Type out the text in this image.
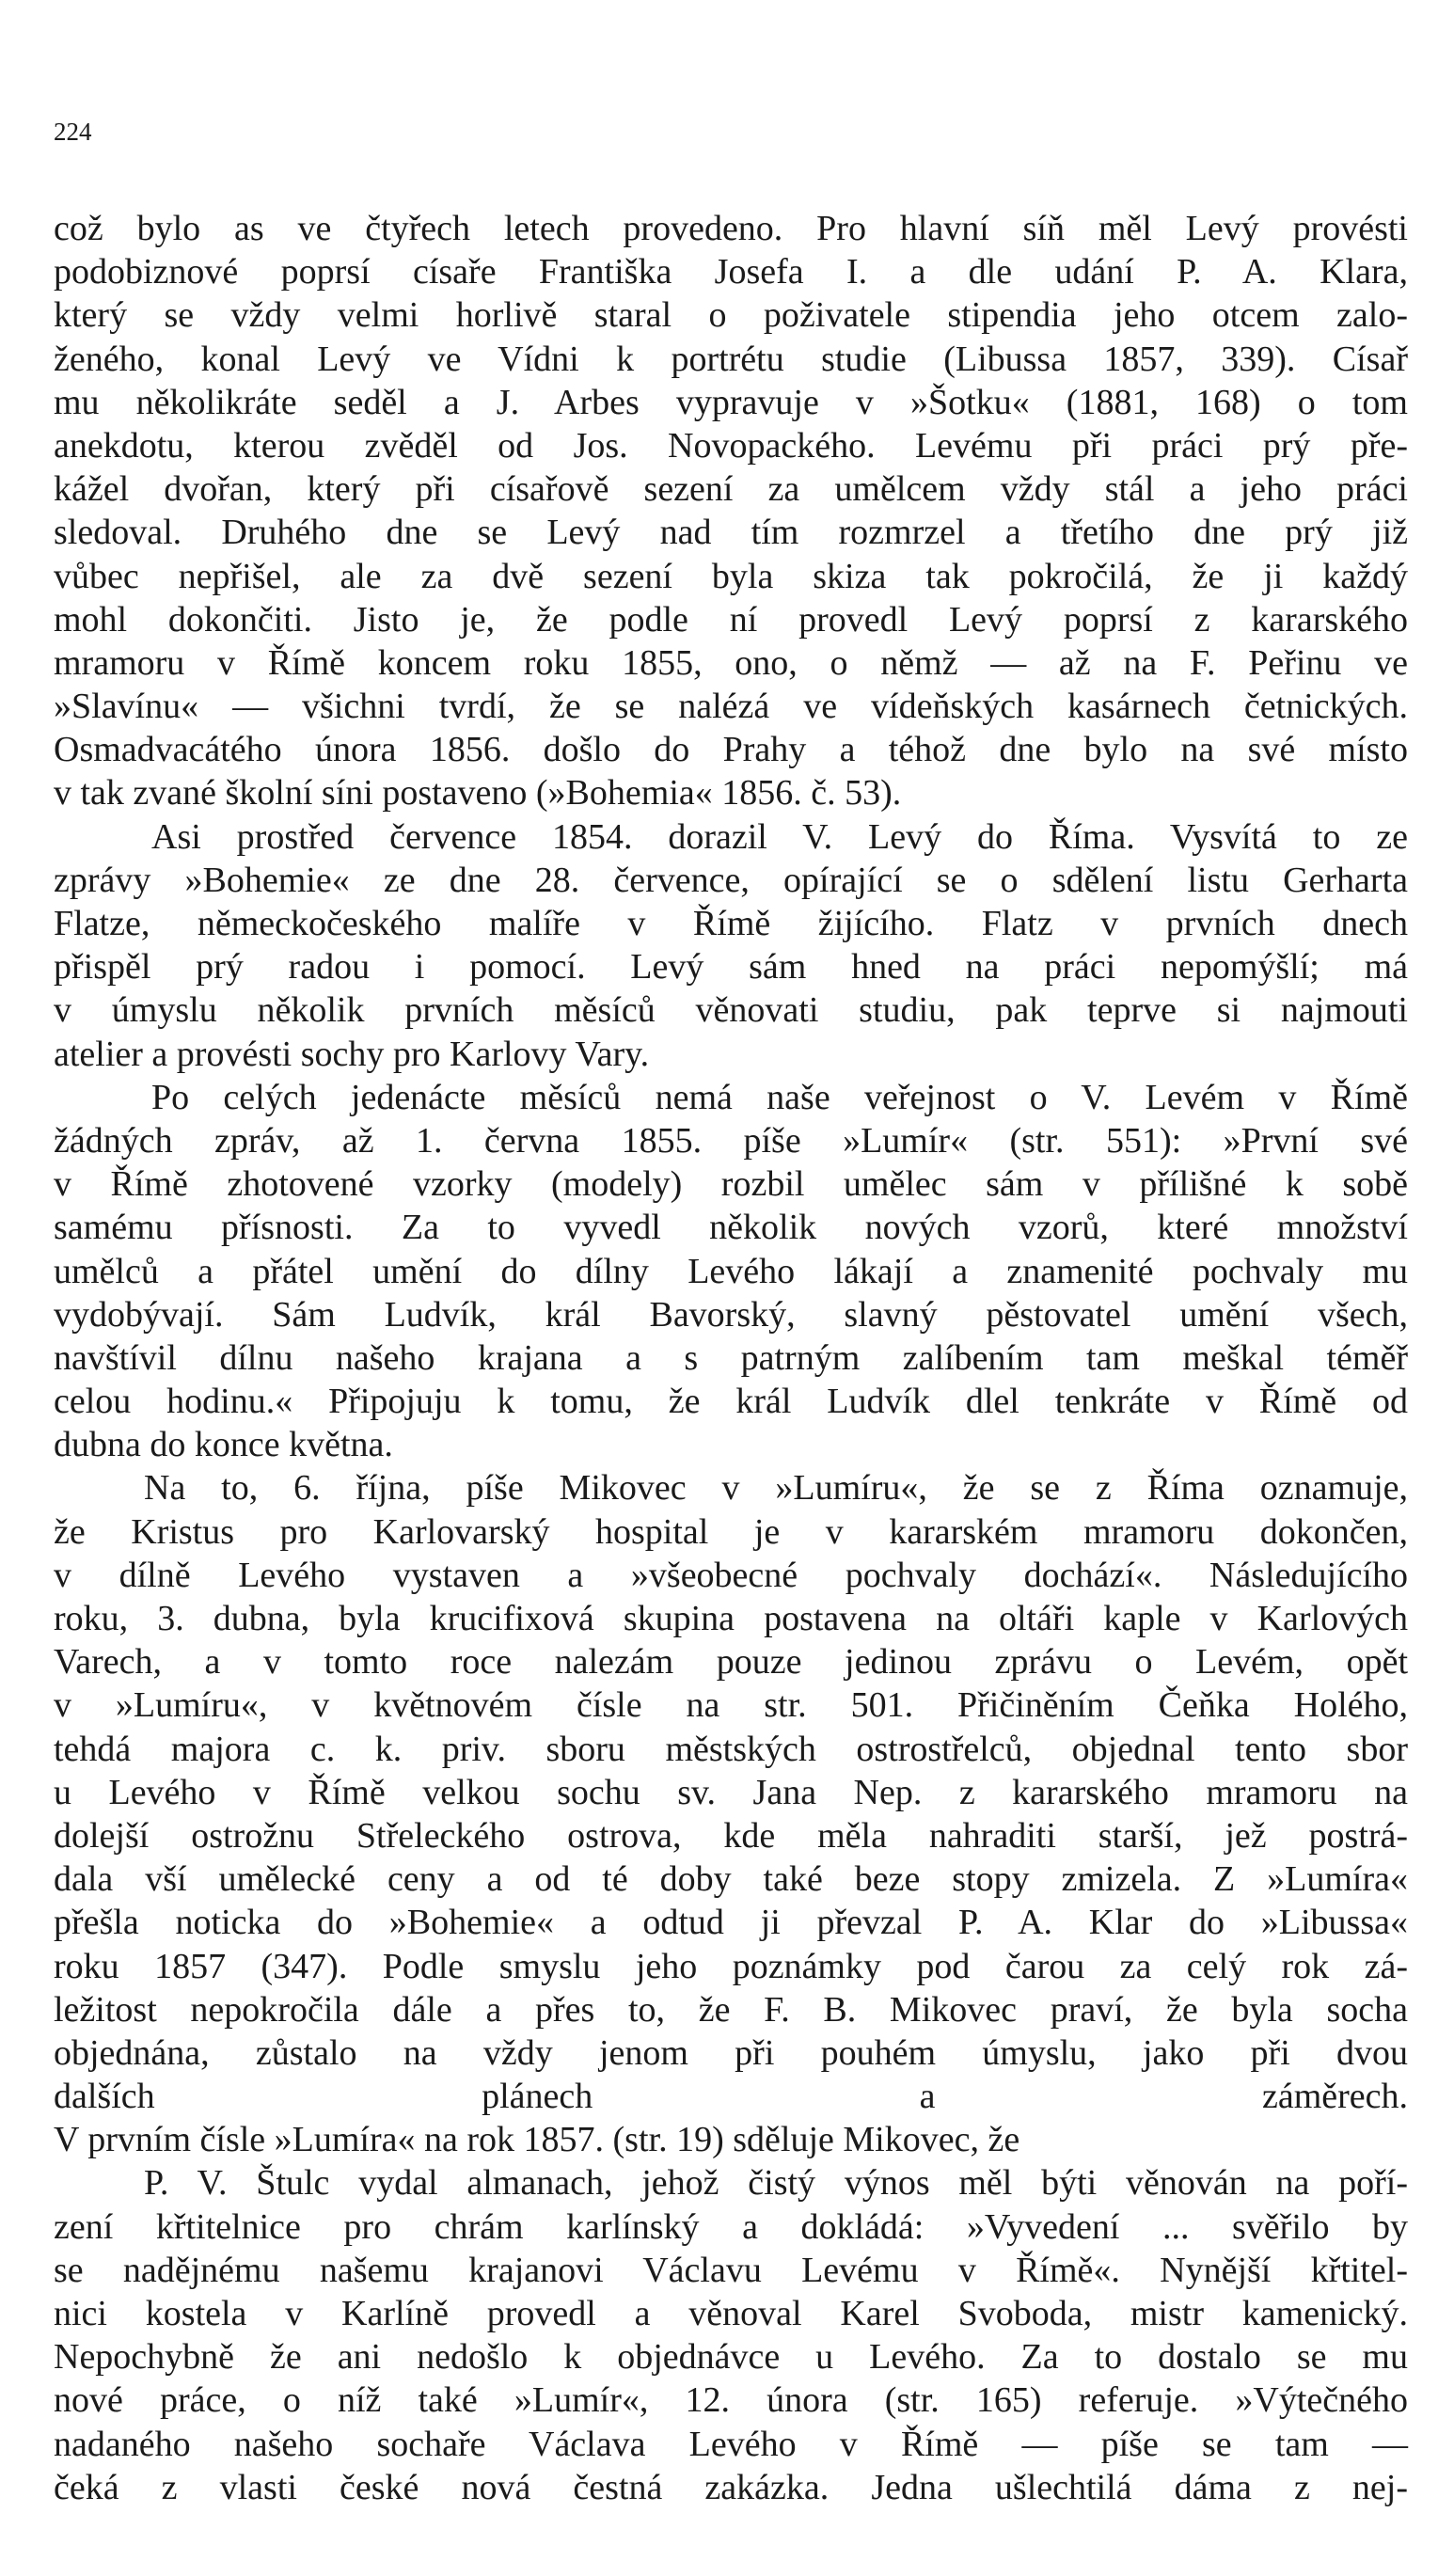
224
což bylo as ve čtyřech letech provedeno. Pro hlavní síň měl Levý provésti
podobiznové poprsí císaře Františka Josefa I. a dle udání P. A. Klara,
který se vždy velmi horlivě staral o poživatele stipendia jeho otcem zalo-
ženého, konal Levý ve Vídni k portrétu studie (Libussa 1857, 339). Císař
mu několikráte seděl a J. Arbes vypravuje v »Šotku« (1881, 168) o tom
anekdotu, kterou zvěděl od Jos. Novopackého. Levému při práci prý pře-
kážel dvořan, který při císařově sezení za umělcem vždy stál a jeho práci
sledoval. Druhého dne se Levý nad tím rozmrzel a třetího dne prý již
vůbec nepřišel, ale za dvě sezení byla skiza tak pokročilá, že ji každý
mohl dokončiti. Jisto je, že podle ní provedl Levý poprsí z kararského
mramoru v Římě koncem roku 1855, ono, o němž — až na F. Peřinu ve
»Slavínu« — všichni tvrdí, že se nalézá ve vídeňských kasárnech četnických.
Osmadvacátého února 1856. došlo do Prahy a téhož dne bylo na své místo
v tak zvané školní síni postaveno (»Bohemia« 1856. č. 53).
Asi prostřed července 1854. dorazil V. Levý do Říma. Vysvítá to ze
zprávy »Bohemie« ze dne 28. července, opírající se o sdělení listu Gerharta
Flatze, německočeského malíře v Římě žijícího. Flatz v prvních dnech
přispěl prý radou i pomocí. Levý sám hned na práci nepomýšlí; má
v úmyslu několik prvních měsíců věnovati studiu, pak teprve si najmouti
atelier a provésti sochy pro Karlovy Vary.
Po celých jedenácte měsíců nemá naše veřejnost o V. Levém v Římě
žádných zpráv, až 1. června 1855. píše »Lumír« (str. 551): »První své
v Římě zhotovené vzorky (modely) rozbil umělec sám v přílišné k sobě
samému přísnosti. Za to vyvedl několik nových vzorů, které množství
umělců a přátel umění do dílny Levého lákají a znamenité pochvaly mu
vydobývají. Sám Ludvík, král Bavorský, slavný pěstovatel umění všech,
navštívil dílnu našeho krajana a s patrným zalíbením tam meškal téměř
celou hodinu.« Připojuju k tomu, že král Ludvík dlel tenkráte v Římě od
dubna do konce května.
Na to, 6. října, píše Mikovec v »Lumíru«, že se z Říma oznamuje,
že Kristus pro Karlovarský hospital je v kararském mramoru dokončen,
v dílně Levého vystaven a »všeobecné pochvaly dochází«. Následujícího
roku, 3. dubna, byla krucifixová skupina postavena na oltáři kaple v Karlových
Varech, a v tomto roce nalezám pouze jedinou zprávu o Levém, opět
v »Lumíru«, v květnovém čísle na str. 501. Přičiněním Čeňka Holého,
tehdá majora c. k. priv. sboru městských ostrostřelců, objednal tento sbor
u Levého v Římě velkou sochu sv. Jana Nep. z kararského mramoru na
dolejší ostrožnu Střeleckého ostrova, kde měla nahraditi starší, jež postrá-
dala vší umělecké ceny a od té doby také beze stopy zmizela. Z »Lumíra«
přešla noticka do »Bohemie« a odtud ji převzal P. A. Klar do »Libussa«
roku 1857 (347). Podle smyslu jeho poznámky pod čarou za celý rok zá-
ležitost nepokročila dále a přes to, že F. B. Mikovec praví, že byla socha
objednána, zůstalo na vždy jenom při pouhém úmyslu, jako při dvou
dalších plánech a záměrech.
V prvním čísle »Lumíra« na rok 1857. (str. 19) sděluje Mikovec, že
P. V. Štulc vydal almanach, jehož čistý výnos měl býti věnován na poří-
zení křtitelnice pro chrám karlínský a dokládá: »Vyvedení ... svěřilo by
se nadějnému našemu krajanovi Václavu Levému v Římě«. Nynější křtitel-
nici kostela v Karlíně provedl a věnoval Karel Svoboda, mistr kamenický.
Nepochybně že ani nedošlo k objednávce u Levého. Za to dostalo se mu
nové práce, o níž také »Lumír«, 12. února (str. 165) referuje. »Výtečného
nadaného našeho sochaře Václava Levého v Římě — píše se tam —
čeká z vlasti české nová čestná zakázka. Jedna ušlechtilá dáma z nej-
